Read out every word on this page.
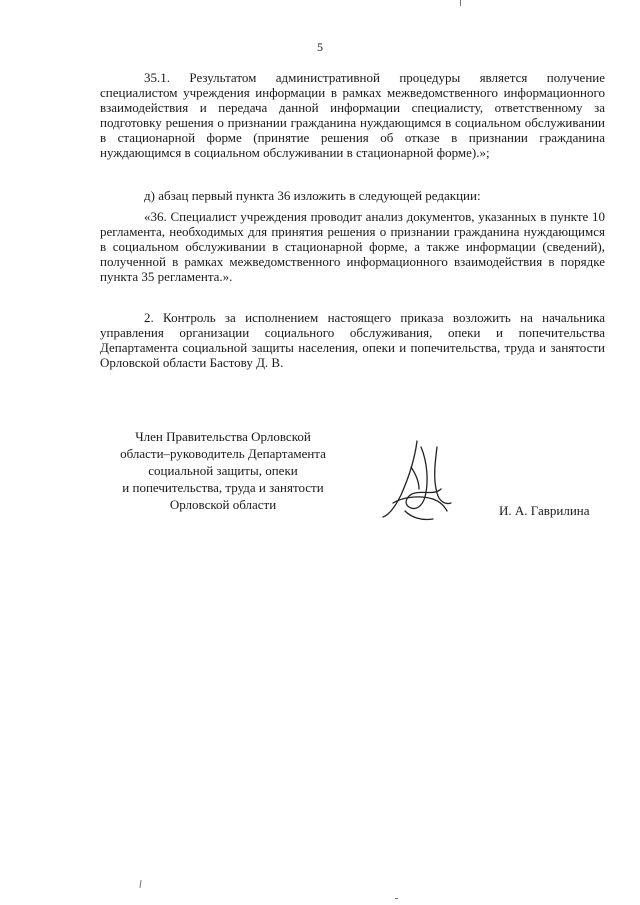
5

35.1. Результатом административной процедуры является получение специалистом учреждения информации в рамках межведомственного информационного взаимодействия и передача данной информации специалисту, ответственному за подготовку решения о признании гражданина нуждающимся в социальном обслуживании в стационарной форме (принятие решения об отказе в признании гражданина нуждающимся в социальном обслуживании в стационарной форме).»;

д) абзац первый пункта 36 изложить в следующей редакции:

«36. Специалист учреждения проводит анализ документов, указанных в пункте 10 регламента, необходимых для принятия решения о признании гражданина нуждающимся в социальном обслуживании в стационарной форме, а также информации (сведений), полученной в рамках межведомственного информационного взаимодействия в порядке пункта 35 регламента.».

2. Контроль за исполнением настоящего приказа возложить на начальника управления организации социального обслуживания, опеки и попечительства Департамента социальной защиты населения, опеки и попечительства, труда и занятости Орловской области Бастову Д. В.

Член Правительства Орловской
области–руководитель Департамента
социальной защиты, опеки
и попечительства, труда и занятости
Орловской области	И. А. Гаврилина
